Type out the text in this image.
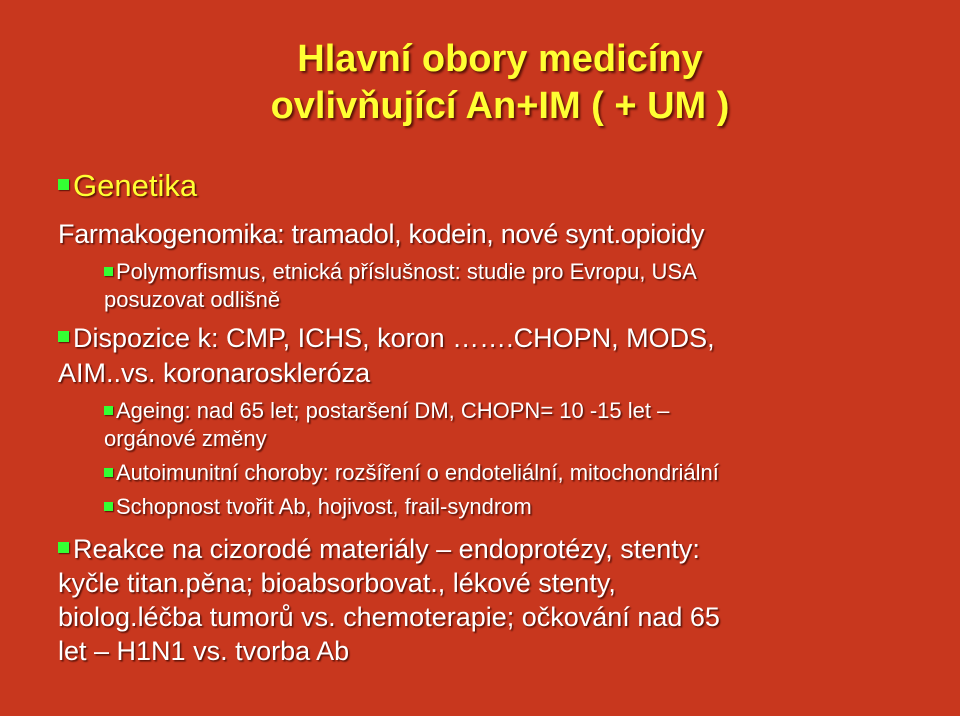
Hlavní obory medicíny
ovlivňující An+IM ( + UM )
Genetika
Farmakogenomika: tramadol, kodein, nové synt.opioidy
Polymorfismus, etnická příslušnost: studie pro Evropu, USA
posuzovat odlišně
Dispozice k: CMP, ICHS, koron …….CHOPN, MODS,
AIM..vs. koronaroskleróza
Ageing: nad 65 let; postaršení DM, CHOPN= 10 -15 let –
orgánové změny
Autoimunitní choroby: rozšíření o endoteliální, mitochondriální
Schopnost tvořit Ab, hojivost, frail-syndrom
Reakce na cizorodé materiály – endoprotézy, stenty:
kyčle titan.pěna; bioabsorbovat., lékové stenty,
biolog.léčba tumorů vs. chemoterapie; očkování nad 65
let – H1N1 vs. tvorba Ab
